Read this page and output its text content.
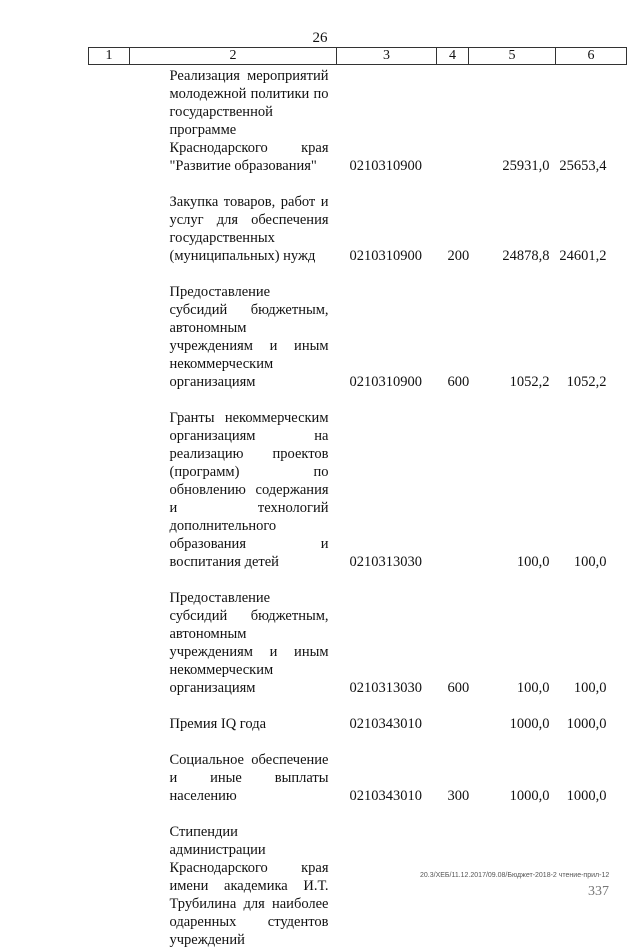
26
1	2	3	4	5	6
	Реализация мероприятий молодежной политики по государственной программе Краснодарского края "Развитие образования"	0210310900		25931,0	25653,4

	Закупка товаров, работ и услуг для обеспечения государственных (муниципальных) нужд	0210310900	200	24878,8	24601,2

	Предоставление субсидий бюджетным, автономным учреждениям и иным некоммерческим организациям	0210310900	600	1052,2	1052,2

	Гранты некоммерческим организациям на реализацию проектов (программ) по обновлению содержания и технологий дополнительного образования и воспитания детей	0210313030		100,0	100,0

	Предоставление субсидий бюджетным, автономным учреждениям и иным некоммерческим организациям	0210313030	600	100,0	100,0

	Премия IQ года	0210343010		1000,0	1000,0

	Социальное обеспечение и иные выплаты населению	0210343010	300	1000,0	1000,0

	Стипендии администрации Краснодарского края имени академика И.Т. Трубилина для наиболее одаренных студентов учреждений				
20.3/ХЕБ/11.12.2017/09.08/Бюджет-2018-2 чтение-прил-12
337
